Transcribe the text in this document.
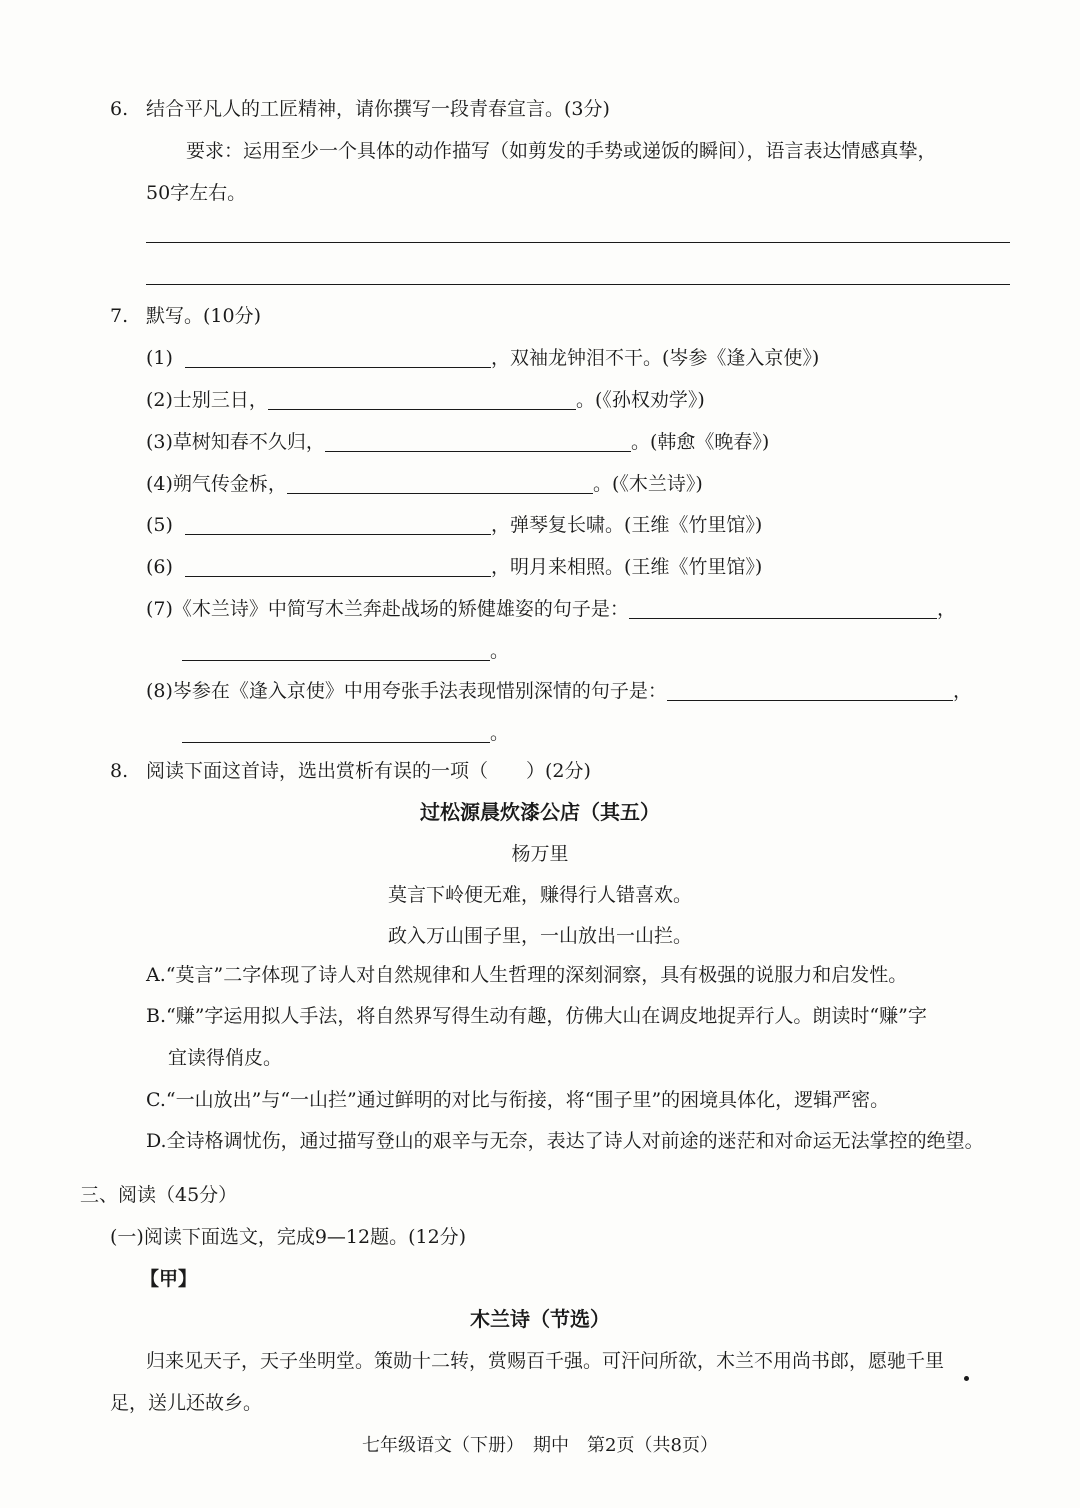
6. 结合平凡人的工匠精神，请你撰写一段青春宣言。(3分)
要求：运用至少一个具体的动作描写（如剪发的手势或递饭的瞬间），语言表达情感真挚，
50字左右。
7. 默写。(10分)
(1)	，双袖龙钟泪不干。(岑参《逢入京使》)
(2)士别三日，	。(《孙权劝学》)
(3)草树知春不久归，	。(韩愈《晚春》)
(4)朔气传金柝，	。(《木兰诗》)
(5)	，弹琴复长啸。(王维《竹里馆》)
(6)	，明月来相照。(王维《竹里馆》)
(7)《木兰诗》中简写木兰奔赴战场的矫健雄姿的句子是：	，
。
(8)岑参在《逢入京使》中用夸张手法表现惜别深情的句子是：	，
。
8. 阅读下面这首诗，选出赏析有误的一项（　　）(2分)
过松源晨炊漆公店（其五）
杨万里
莫言下岭便无难，赚得行人错喜欢。
政入万山围子里，一山放出一山拦。
A.“莫言”二字体现了诗人对自然规律和人生哲理的深刻洞察，具有极强的说服力和启发性。
B.“赚”字运用拟人手法，将自然界写得生动有趣，仿佛大山在调皮地捉弄行人。朗读时“赚”字
宜读得俏皮。
C.“一山放出”与“一山拦”通过鲜明的对比与衔接，将“围子里”的困境具体化，逻辑严密。
D.全诗格调忧伤，通过描写登山的艰辛与无奈，表达了诗人对前途的迷茫和对命运无法掌控的绝望。
三、阅读（45分）
(一)阅读下面选文，完成9—12题。(12分)
【甲】
木兰诗（节选）
归来见天子，天子坐明堂。策勋十二转，赏赐百千强。可汗问所欲，木兰不用尚书郎，愿驰千里
足，送儿还故乡。
七年级语文（下册）　期中　第2页（共8页）
